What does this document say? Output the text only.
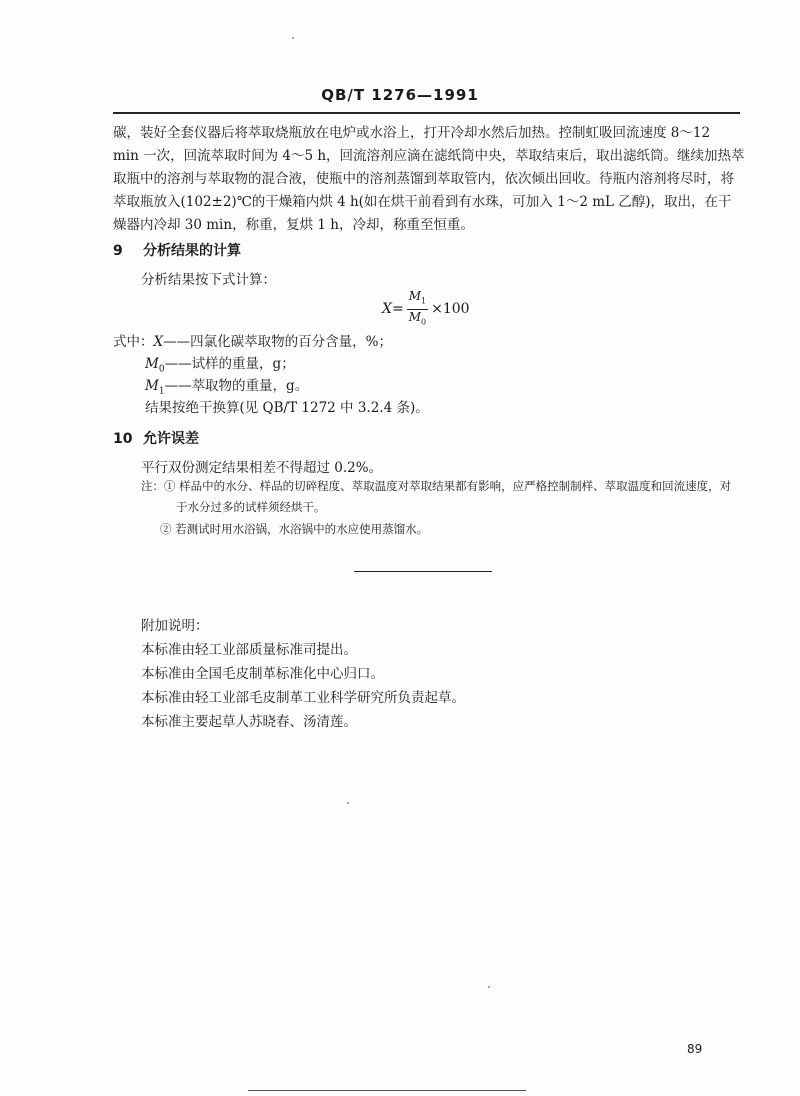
QB/T 1276—1991
碳，装好全套仪器后将萃取烧瓶放在电炉或水浴上，打开冷却水然后加热。控制虹吸回流速度 8～12
min 一次，回流萃取时间为 4～5 h，回流溶剂应滴在滤纸筒中央，萃取结束后，取出滤纸筒。继续加热萃
取瓶中的溶剂与萃取物的混合液，使瓶中的溶剂蒸馏到萃取管内，依次倾出回收。待瓶内溶剂将尽时，将
萃取瓶放入(102±2)℃的干燥箱内烘 4 h(如在烘干前看到有水珠，可加入 1～2 mL 乙醇)，取出，在干
燥器内冷却 30 min，称重，复烘 1 h，冷却，称重至恒重。
9 分析结果的计算
分析结果按下式计算：
$X = \frac{M_1}{M_0} \times 100$
式中：X——四氯化碳萃取物的百分含量，%；
$M_0——$试样的重量，g；
$M_1——$萃取物的重量，g。
结果按绝干换算(见 QB/T 1272 中 3.2.4 条)。
10 允许误差
平行双份测定结果相差不得超过 0.2%。
注：① 样品中的水分、样品的切碎程度、萃取温度对萃取结果都有影响，应严格控制制样、萃取温度和回流速度，对
于水分过多的试样须经烘干。
② 若测试时用水浴锅，水浴锅中的水应使用蒸馏水。
附加说明：
本标准由轻工业部质量标准司提出。
本标准由全国毛皮制革标准化中心归口。
本标准由轻工业部毛皮制革工业科学研究所负责起草。
本标准主要起草人苏晓春、汤清莲。
89
